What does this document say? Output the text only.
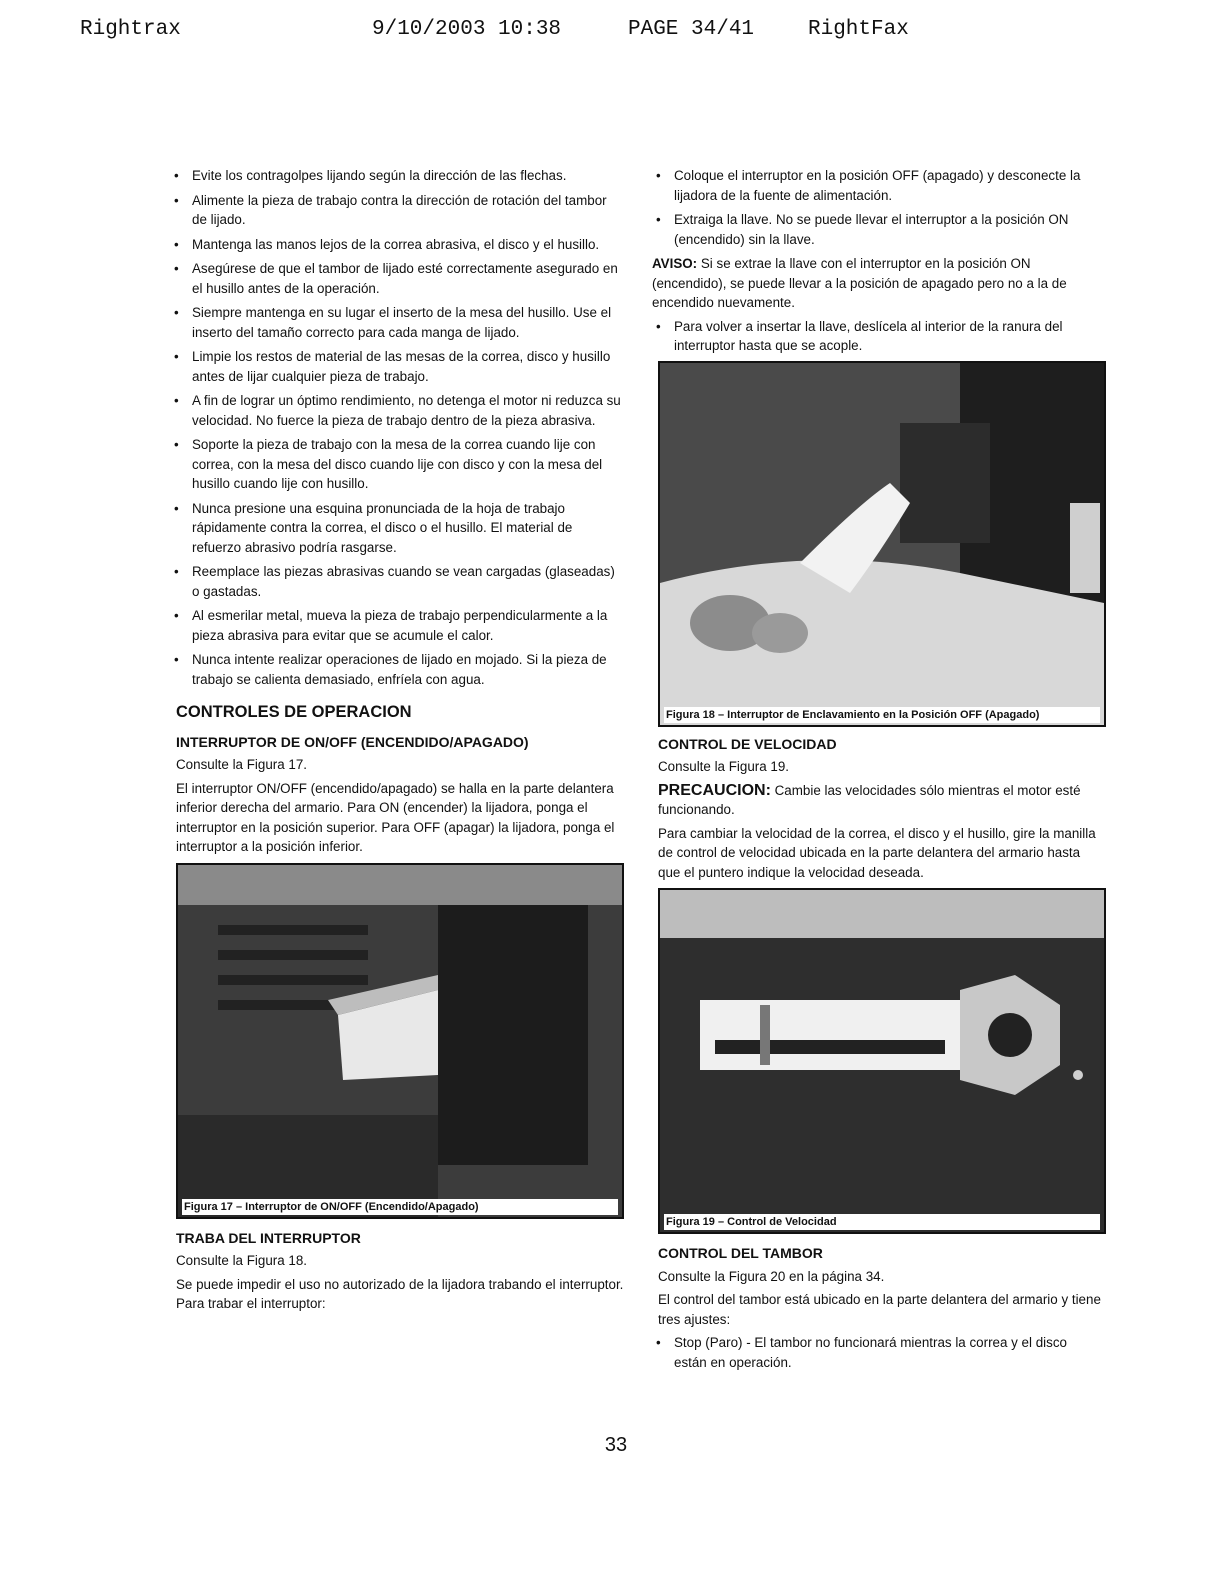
Rightrax	9/10/2003 10:38	PAGE 34/41	RightFax
• Evite los contragolpes lijando según la dirección de las flechas.
• Alimente la pieza de trabajo contra la dirección de rotación del tambor de lijado.
• Mantenga las manos lejos de la correa abrasiva, el disco y el husillo.
• Asegúrese de que el tambor de lijado esté correctamente asegurado en el husillo antes de la operación.
• Siempre mantenga en su lugar el inserto de la mesa del husillo. Use el inserto del tamaño correcto para cada manga de lijado.
• Limpie los restos de material de las mesas de la correa, disco y husillo antes de lijar cualquier pieza de trabajo.
• A fin de lograr un óptimo rendimiento, no detenga el motor ni reduzca su velocidad. No fuerce la pieza de trabajo dentro de la pieza abrasiva.
• Soporte la pieza de trabajo con la mesa de la correa cuando lije con correa, con la mesa del disco cuando lije con disco y con la mesa del husillo cuando lije con husillo.
• Nunca presione una esquina pronunciada de la hoja de trabajo rápidamente contra la correa, el disco o el husillo. El material de refuerzo abrasivo podría rasgarse.
• Reemplace las piezas abrasivas cuando se vean cargadas (glaseadas) o gastadas.
• Al esmerilar metal, mueva la pieza de trabajo perpendicularmente a la pieza abrasiva para evitar que se acumule el calor.
• Nunca intente realizar operaciones de lijado en mojado. Si la pieza de trabajo se calienta demasiado, enfríela con agua.
CONTROLES DE OPERACION
INTERRUPTOR DE ON/OFF (ENCENDIDO/APAGADO)
Consulte la Figura 17.
El interruptor ON/OFF (encendido/apagado) se halla en la parte delantera inferior derecha del armario. Para ON (encender) la lijadora, ponga el interruptor en la posición superior. Para OFF (apagar) la lijadora, ponga el interruptor a la posición inferior.
Figura 17 – Interruptor de ON/OFF (Encendido/Apagado)
TRABA DEL INTERRUPTOR
Consulte la Figura 18.
Se puede impedir el uso no autorizado de la lijadora trabando el interruptor. Para trabar el interruptor:
• Coloque el interruptor en la posición OFF (apagado) y desconecte la lijadora de la fuente de alimentación.
• Extraiga la llave. No se puede llevar el interruptor a la posición ON (encendido) sin la llave.
AVISO: Si se extrae la llave con el interruptor en la posición ON (encendido), se puede llevar a la posición de apagado pero no a la de encendido nuevamente.
• Para volver a insertar la llave, deslícela al interior de la ranura del interruptor hasta que se acople.
Figura 18 – Interruptor de Enclavamiento en la Posición OFF (Apagado)
CONTROL DE VELOCIDAD
Consulte la Figura 19.
PRECAUCION: Cambie las velocidades sólo mientras el motor esté funcionando.
Para cambiar la velocidad de la correa, el disco y el husillo, gire la manilla de control de velocidad ubicada en la parte delantera del armario hasta que el puntero indique la velocidad deseada.
Figura 19 – Control de Velocidad
CONTROL DEL TAMBOR
Consulte la Figura 20 en la página 34.
El control del tambor está ubicado en la parte delantera del armario y tiene tres ajustes:
• Stop (Paro) - El tambor no funcionará mientras la correa y el disco están en operación.
33
